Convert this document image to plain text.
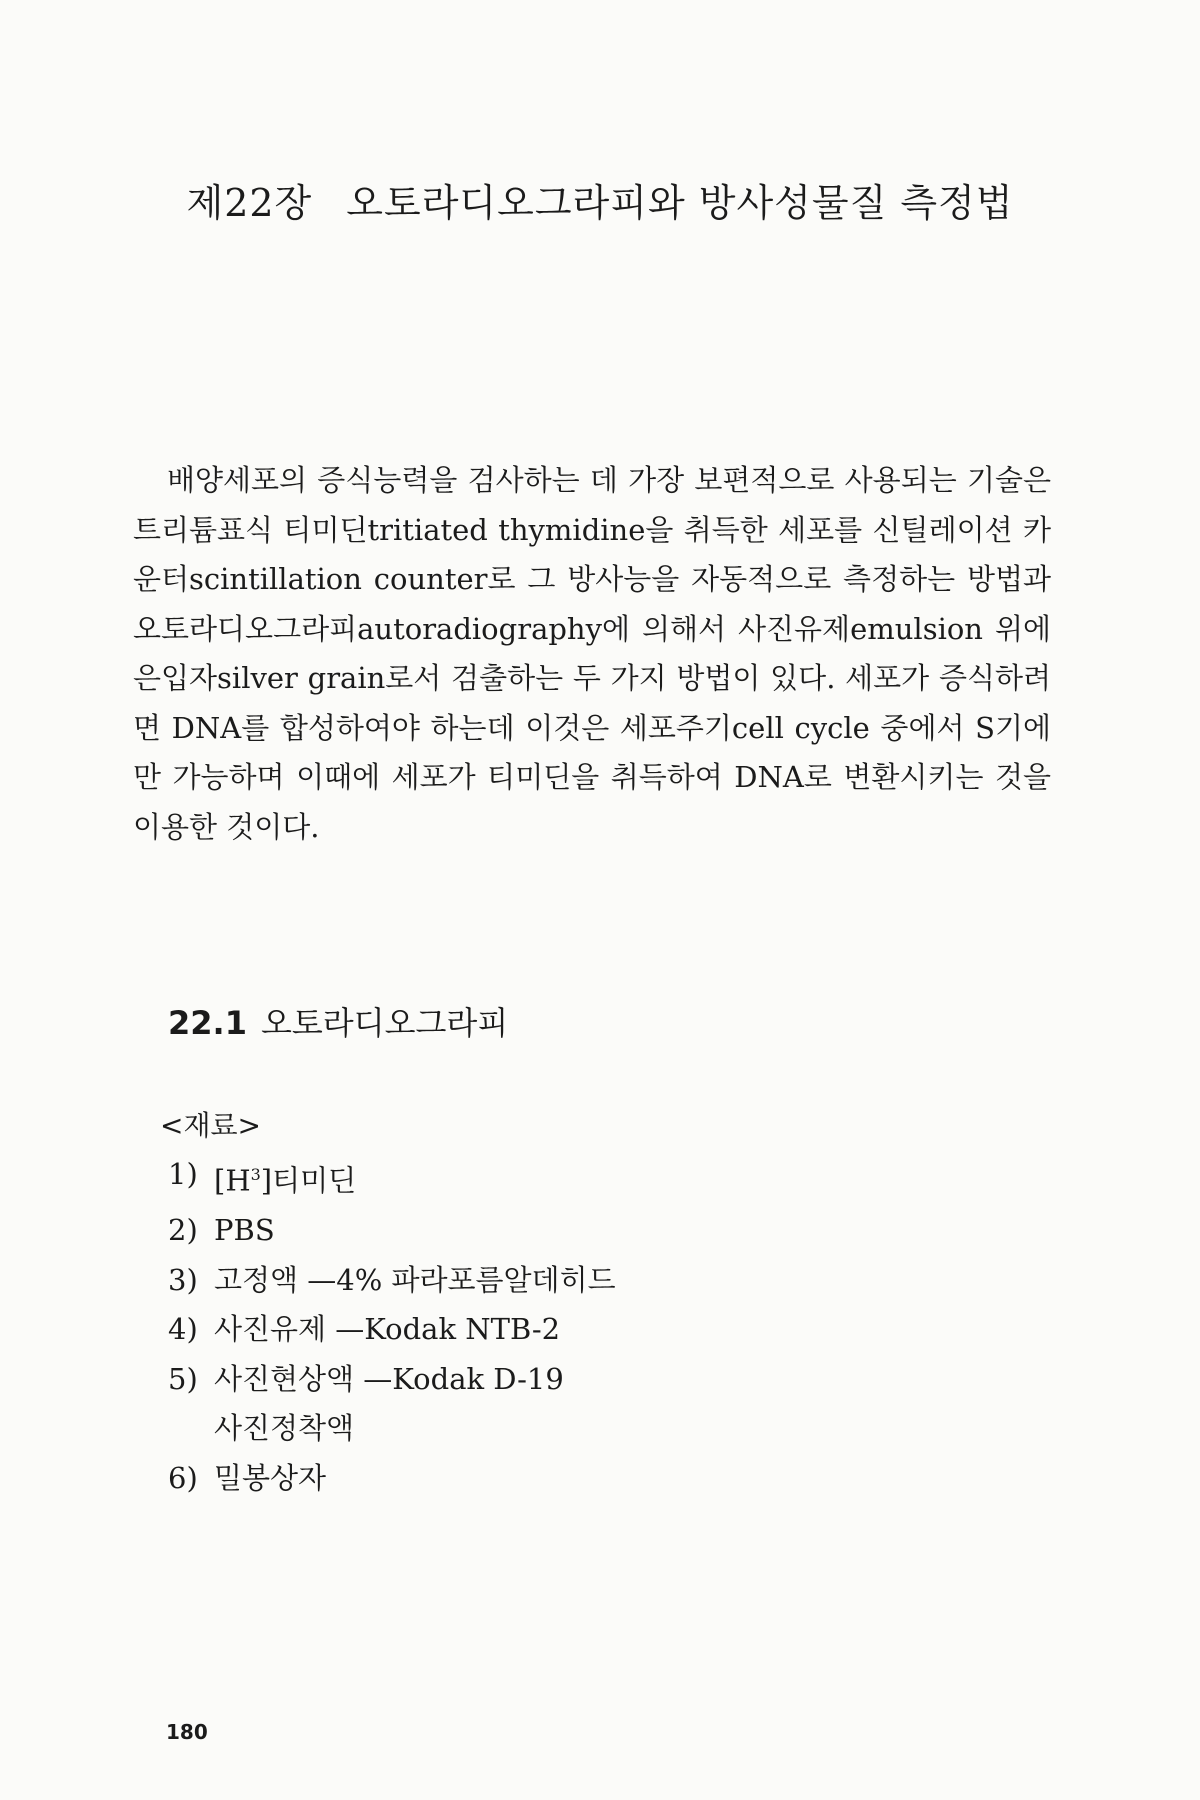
제22장 오토라디오그라피와 방사성물질 측정법

배양세포의 증식능력을 검사하는 데 가장 보편적으로 사용되는 기술은 트리튬표식 티미딘tritiated thymidine을 취득한 세포를 신틸레이션 카운터scintillation counter로 그 방사능을 자동적으로 측정하는 방법과 오토라디오그라피autoradiography에 의해서 사진유제emulsion 위에 은입자silver grain로서 검출하는 두 가지 방법이 있다. 세포가 증식하려면 DNA를 합성하여야 하는데 이것은 세포주기cell cycle 중에서 S기에만 가능하며 이때에 세포가 티미딘을 취득하여 DNA로 변환시키는 것을 이용한 것이다.

22.1 오토라디오그라피

<재료>

1) $[H^3]$티미딘
2) PBS
3) 고정액 —4% 파라포름알데히드
4) 사진유제 —Kodak NTB-2
5) 사진현상액 —Kodak D-19
사진정착액
6) 밀봉상자

180
